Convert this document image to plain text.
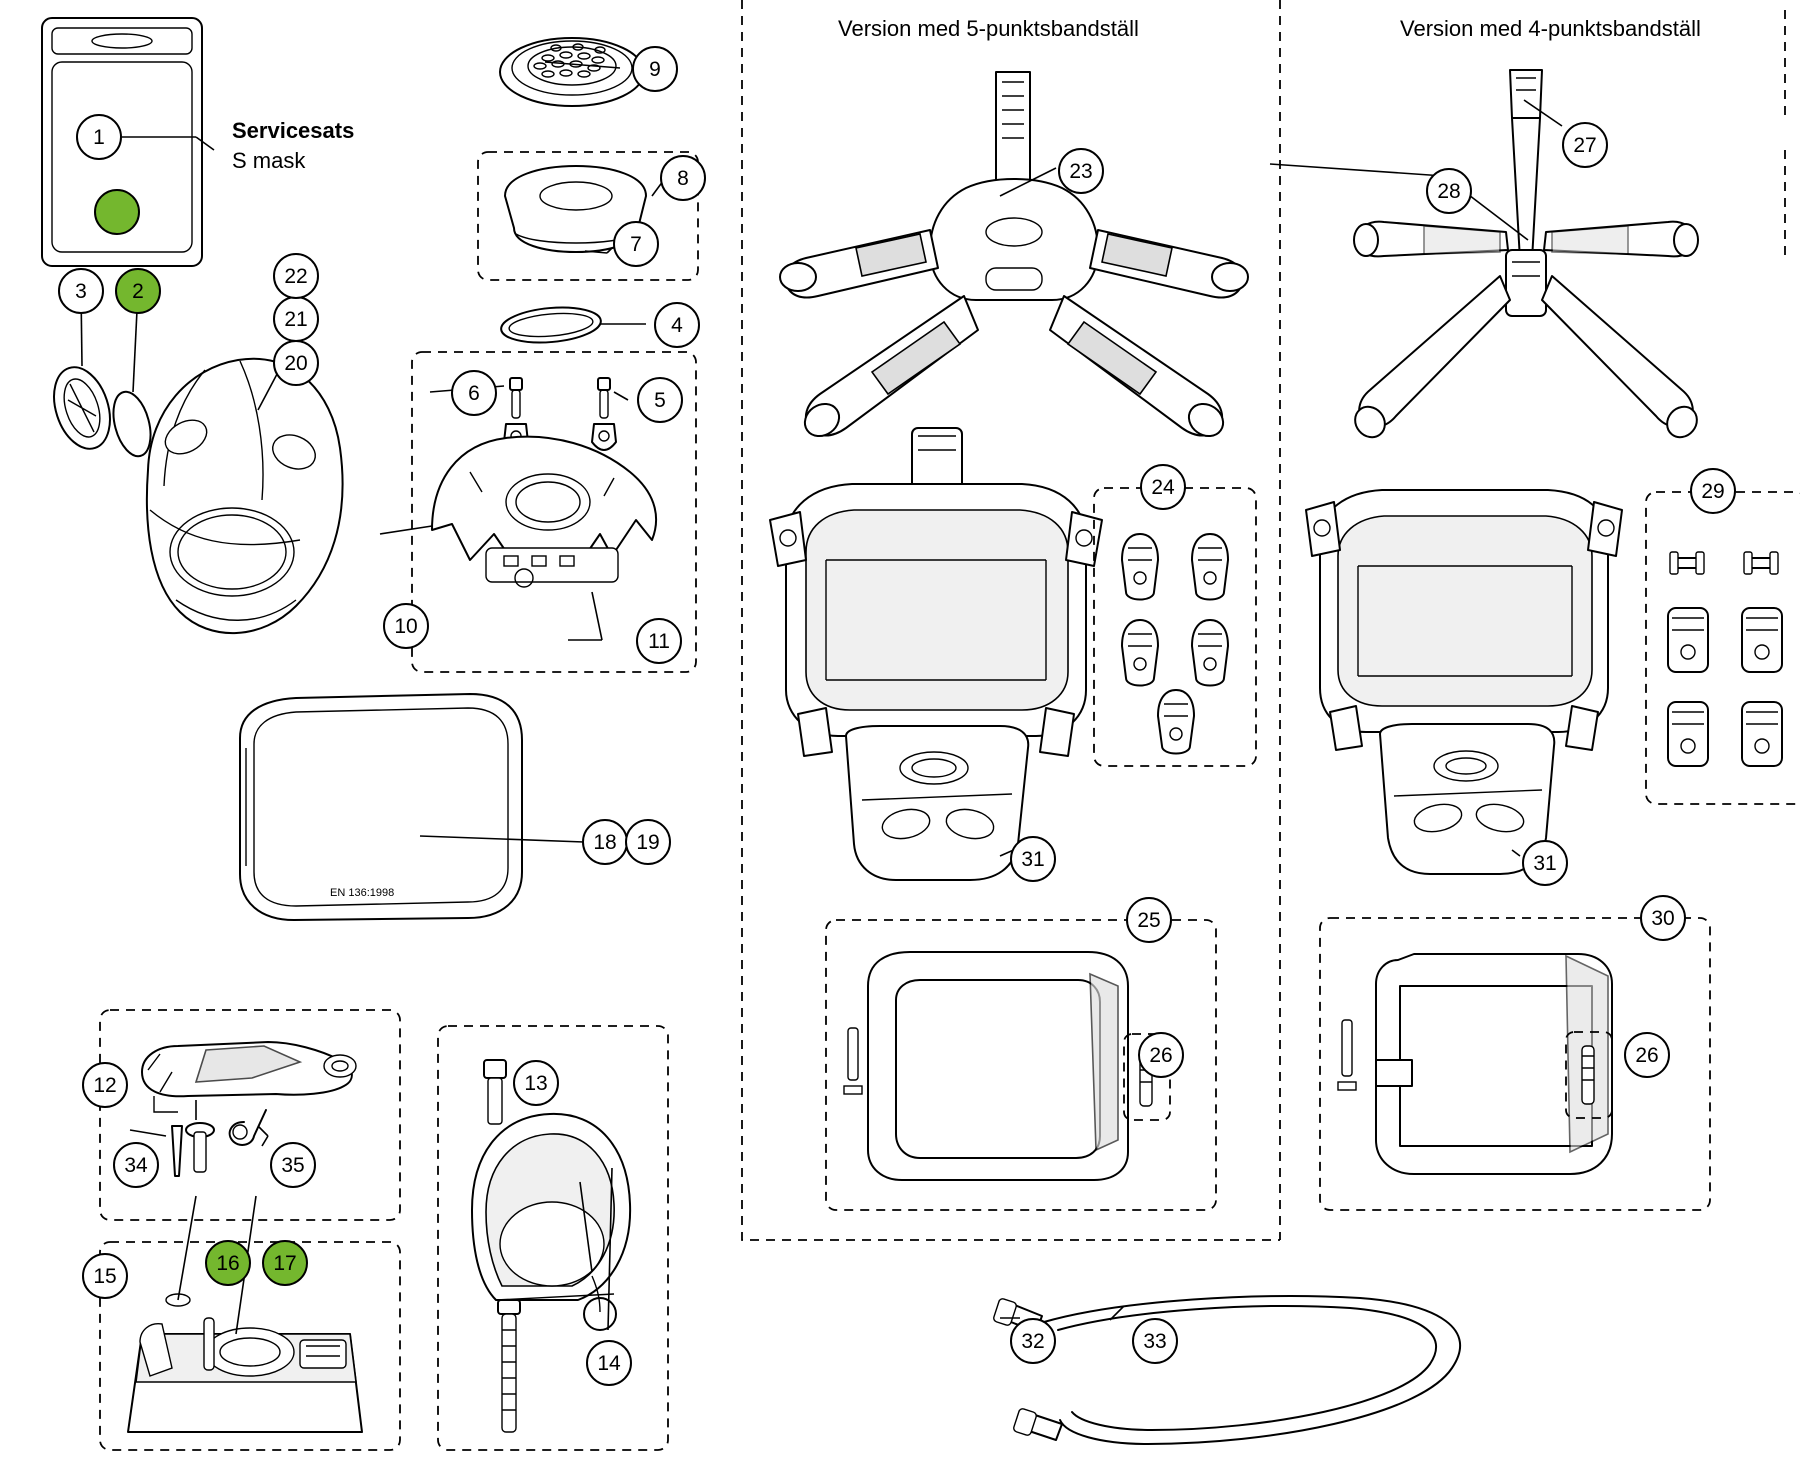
EN 136:1998
Version med 5-punktsbandställ	Version med 4-punktsbandställ
Servicesats
S mask
1
2
3
4
5
6
7
8
9
10
11
12	13
14
15
16	17
18 19
20
21
22
23
24
25
26
27
28
29
30
26
31	31
32	33
34	35
